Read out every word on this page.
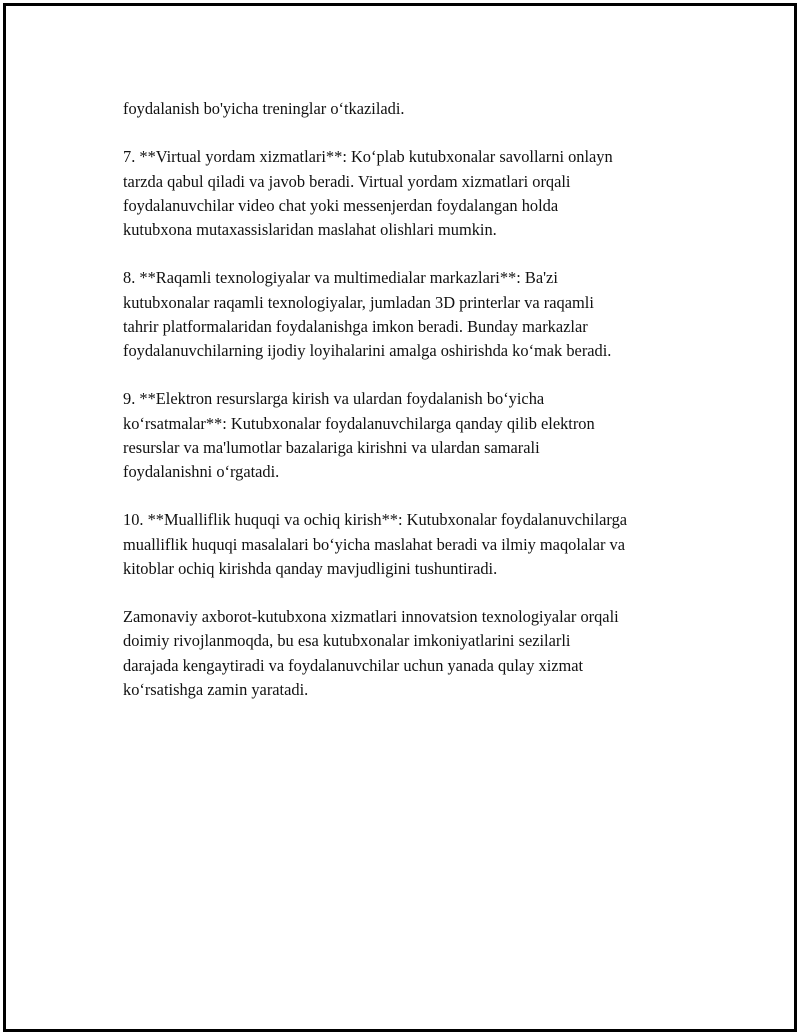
foydalanish bo'yicha treninglar o‘tkaziladi.

7. **Virtual yordam xizmatlari**: Ko‘plab kutubxonalar savollarni onlayn
tarzda qabul qiladi va javob beradi. Virtual yordam xizmatlari orqali
foydalanuvchilar video chat yoki messenjerdan foydalangan holda
kutubxona mutaxassislaridan maslahat olishlari mumkin.

8. **Raqamli texnologiyalar va multimedialar markazlari**: Ba'zi
kutubxonalar raqamli texnologiyalar, jumladan 3D printerlar va raqamli
tahrir platformalaridan foydalanishga imkon beradi. Bunday markazlar
foydalanuvchilarning ijodiy loyihalarini amalga oshirishda ko‘mak beradi.

9. **Elektron resurslarga kirish va ulardan foydalanish bo‘yicha
ko‘rsatmalar**: Kutubxonalar foydalanuvchilarga qanday qilib elektron
resurslar va ma'lumotlar bazalariga kirishni va ulardan samarali
foydalanishni o‘rgatadi.

10. **Mualliflik huquqi va ochiq kirish**: Kutubxonalar foydalanuvchilarga
mualliflik huquqi masalalari bo‘yicha maslahat beradi va ilmiy maqolalar va
kitoblar ochiq kirishda qanday mavjudligini tushuntiradi.

Zamonaviy axborot-kutubxona xizmatlari innovatsion texnologiyalar orqali
doimiy rivojlanmoqda, bu esa kutubxonalar imkoniyatlarini sezilarli
darajada kengaytiradi va foydalanuvchilar uchun yanada qulay xizmat
ko‘rsatishga zamin yaratadi.
